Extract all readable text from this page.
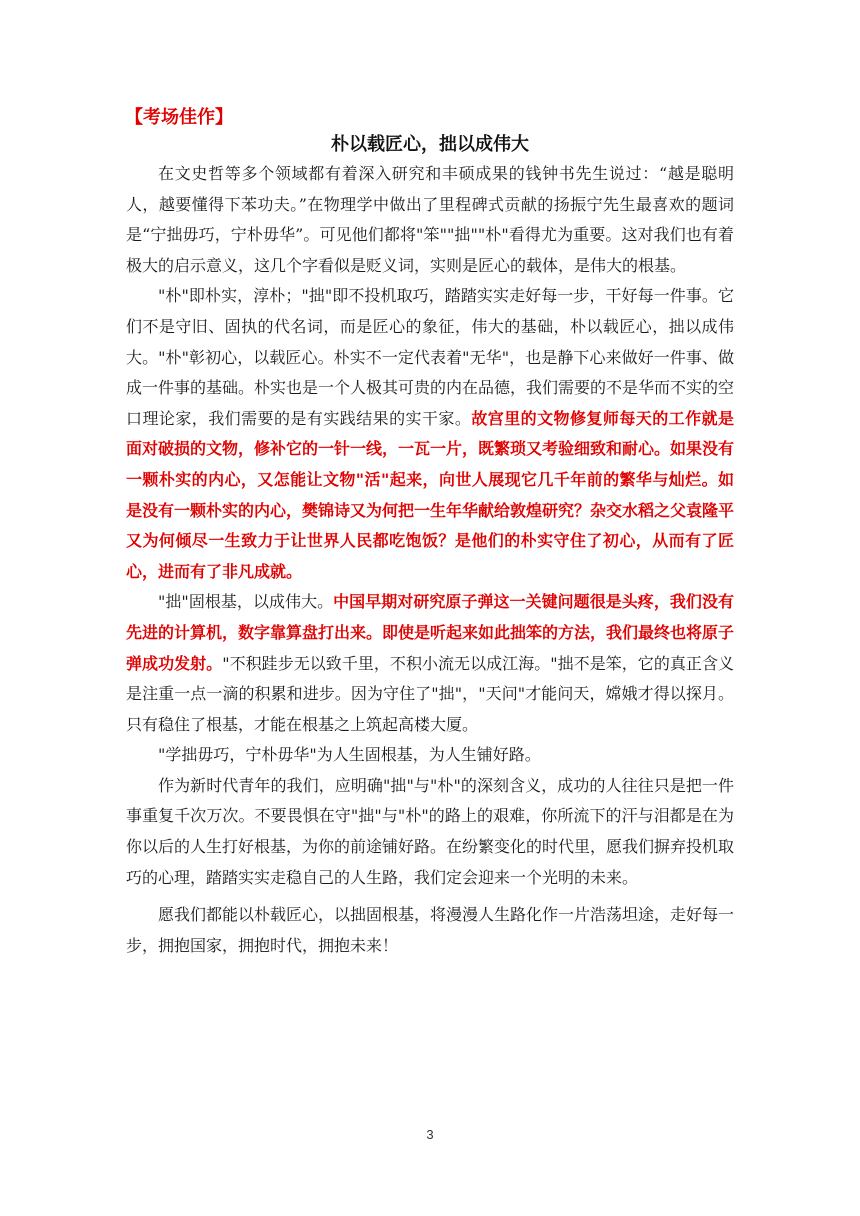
【考场佳作】
朴以载匠心，拙以成伟大

在文史哲等多个领域都有着深入研究和丰硕成果的钱钟书先生说过：“越是聪明人，越要懂得下苯功夫。”在物理学中做出了里程碑式贡献的扬振宁先生最喜欢的题词是“宁拙毋巧，宁朴毋华”。可见他们都将"笨""拙""朴"看得尤为重要。这对我们也有着极大的启示意义，这几个字看似是贬义词，实则是匠心的载体，是伟大的根基。

"朴"即朴实，淳朴；"拙"即不投机取巧，踏踏实实走好每一步，干好每一件事。它们不是守旧、固执的代名词，而是匠心的象征，伟大的基础，朴以载匠心，拙以成伟大。"朴"彰初心，以载匠心。朴实不一定代表着"无华"，也是静下心来做好一件事、做成一件事的基础。朴实也是一个人极其可贵的内在品德，我们需要的不是华而不实的空口理论家，我们需要的是有实践结果的实干家。故宫里的文物修复师每天的工作就是面对破损的文物，修补它的一针一线，一瓦一片，既繁琐又考验细致和耐心。如果没有一颗朴实的内心，又怎能让文物"活"起来，向世人展现它几千年前的繁华与灿烂。如是没有一颗朴实的内心，樊锦诗又为何把一生年华献给敦煌研究？杂交水稻之父袁隆平又为何倾尽一生致力于让世界人民都吃饱饭？是他们的朴实守住了初心，从而有了匠心，进而有了非凡成就。

"拙"固根基，以成伟大。中国早期对研究原子弹这一关键问题很是头疼，我们没有先进的计算机，数字靠算盘打出来。即使是听起来如此拙笨的方法，我们最终也将原子弹成功发射。"不积跬步无以致千里，不积小流无以成江海。"拙不是笨，它的真正含义是注重一点一滴的积累和进步。因为守住了"拙"，"天问"才能问天，嫦娥才得以探月。只有稳住了根基，才能在根基之上筑起高楼大厦。

"学拙毋巧，宁朴毋华"为人生固根基，为人生铺好路。

作为新时代青年的我们，应明确"拙"与"朴"的深刻含义，成功的人往往只是把一件事重复千次万次。不要畏惧在守"拙"与"朴"的路上的艰难，你所流下的汗与泪都是在为你以后的人生打好根基，为你的前途铺好路。在纷繁变化的时代里，愿我们摒弃投机取巧的心理，踏踏实实走稳自己的人生路，我们定会迎来一个光明的未来。

愿我们都能以朴载匠心，以拙固根基，将漫漫人生路化作一片浩荡坦途，走好每一步，拥抱国家，拥抱时代，拥抱未来！

3
